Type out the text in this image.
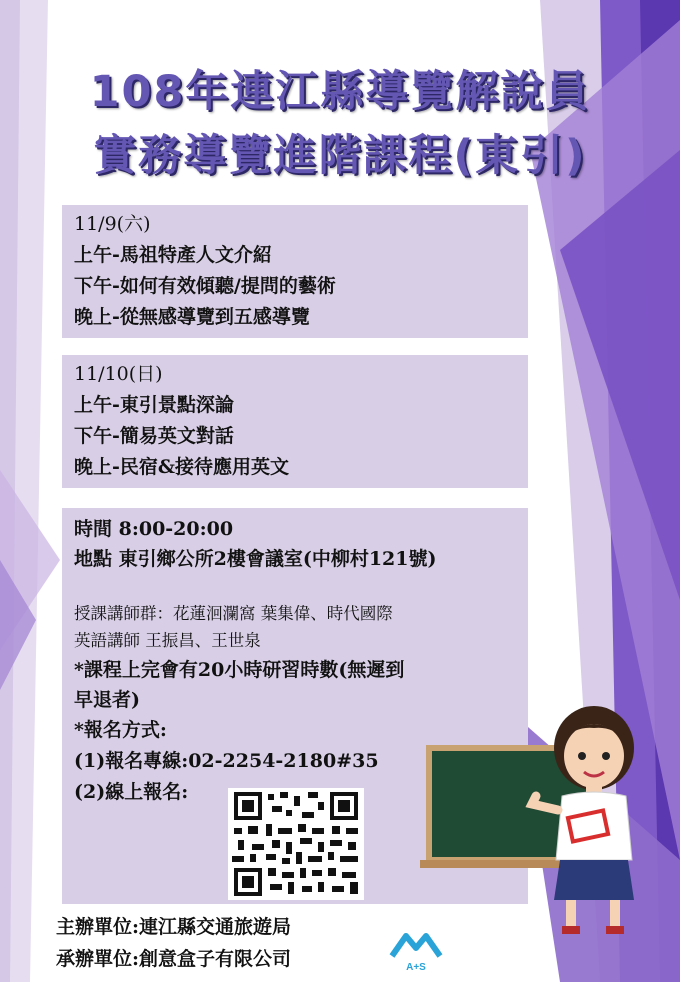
108年連江縣導覽解說員
實務導覽進階課程(東引)
11/9(六)
上午-馬祖特產人文介紹
下午-如何有效傾聽/提問的藝術
晚上-從無感導覽到五感導覽
11/10(日)
上午-東引景點深論
下午-簡易英文對話
晚上-民宿&接待應用英文
時間 8:00-20:00
地點 東引鄉公所2樓會議室(中柳村121號)
授課講師群：花蓮洄瀾窩 葉集偉、時代國際
英語講師 王振昌、王世泉
*課程上完會有20小時研習時數(無遲到
早退者)
*報名方式:
(1)報名專線:02-2254-2180#35
(2)線上報名:
主辦單位:連江縣交通旅遊局
承辦單位:創意盒子有限公司	A+S
